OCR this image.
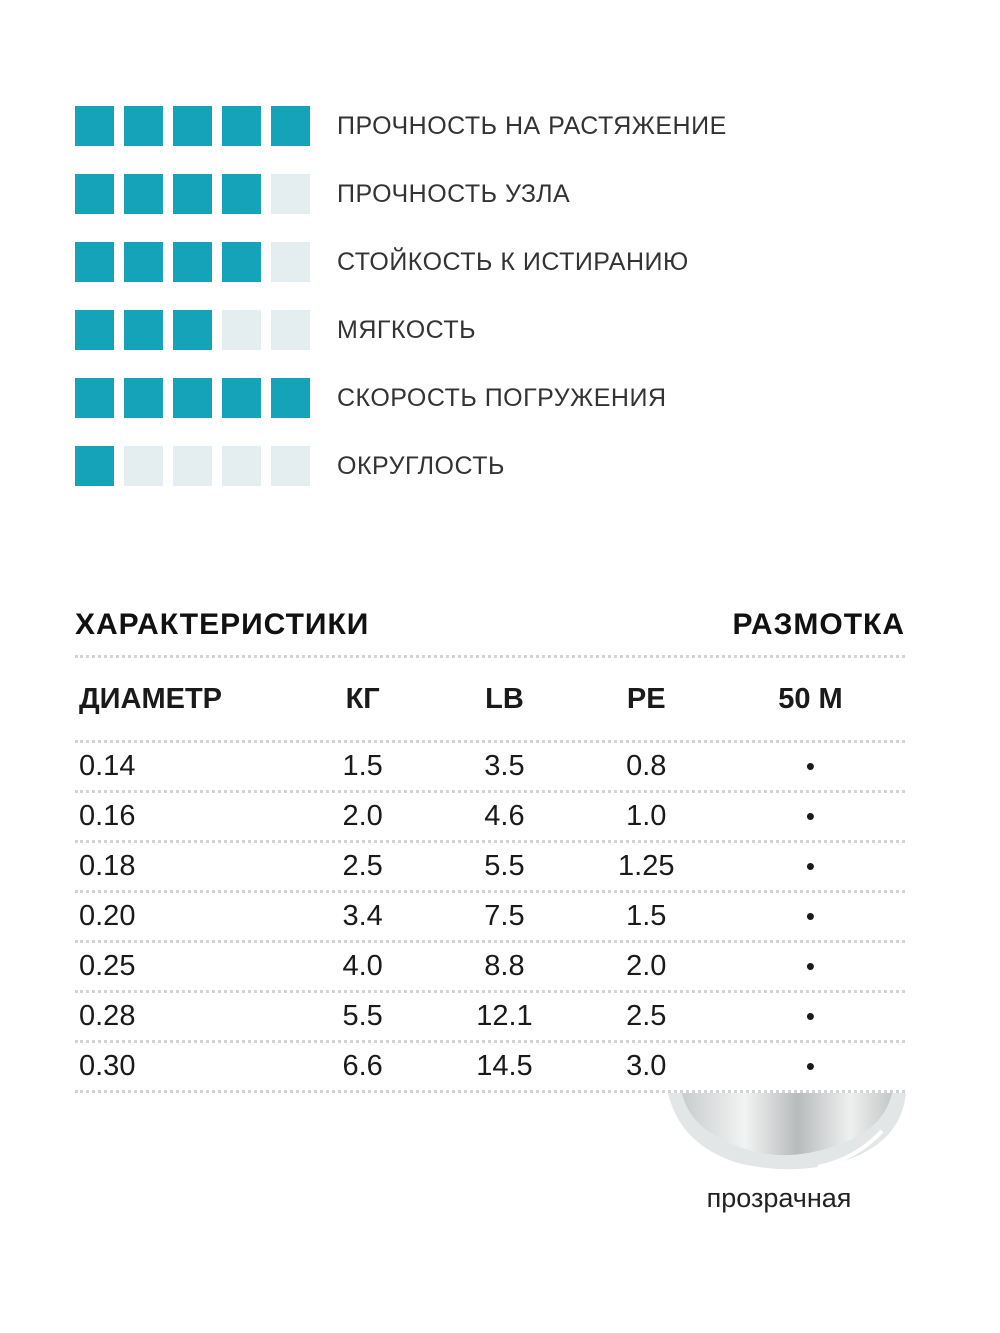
ПРОЧНОСТЬ НА РАСТЯЖЕНИЕ
ПРОЧНОСТЬ УЗЛА
СТОЙКОСТЬ К ИСТИРАНИЮ
МЯГКОСТЬ
СКОРОСТЬ ПОГРУЖЕНИЯ
ОКРУГЛОСТЬ
ХАРАКТЕРИСТИКИ	РАЗМОТКА
ДИАМЕТР	КГ	LB	PE	50 М
0.14	1.5	3.5	0.8	•
0.16	2.0	4.6	1.0	•
0.18	2.5	5.5	1.25	•
0.20	3.4	7.5	1.5	•
0.25	4.0	8.8	2.0	•
0.28	5.5	12.1	2.5	•
0.30	6.6	14.5	3.0	•
прозрачная
